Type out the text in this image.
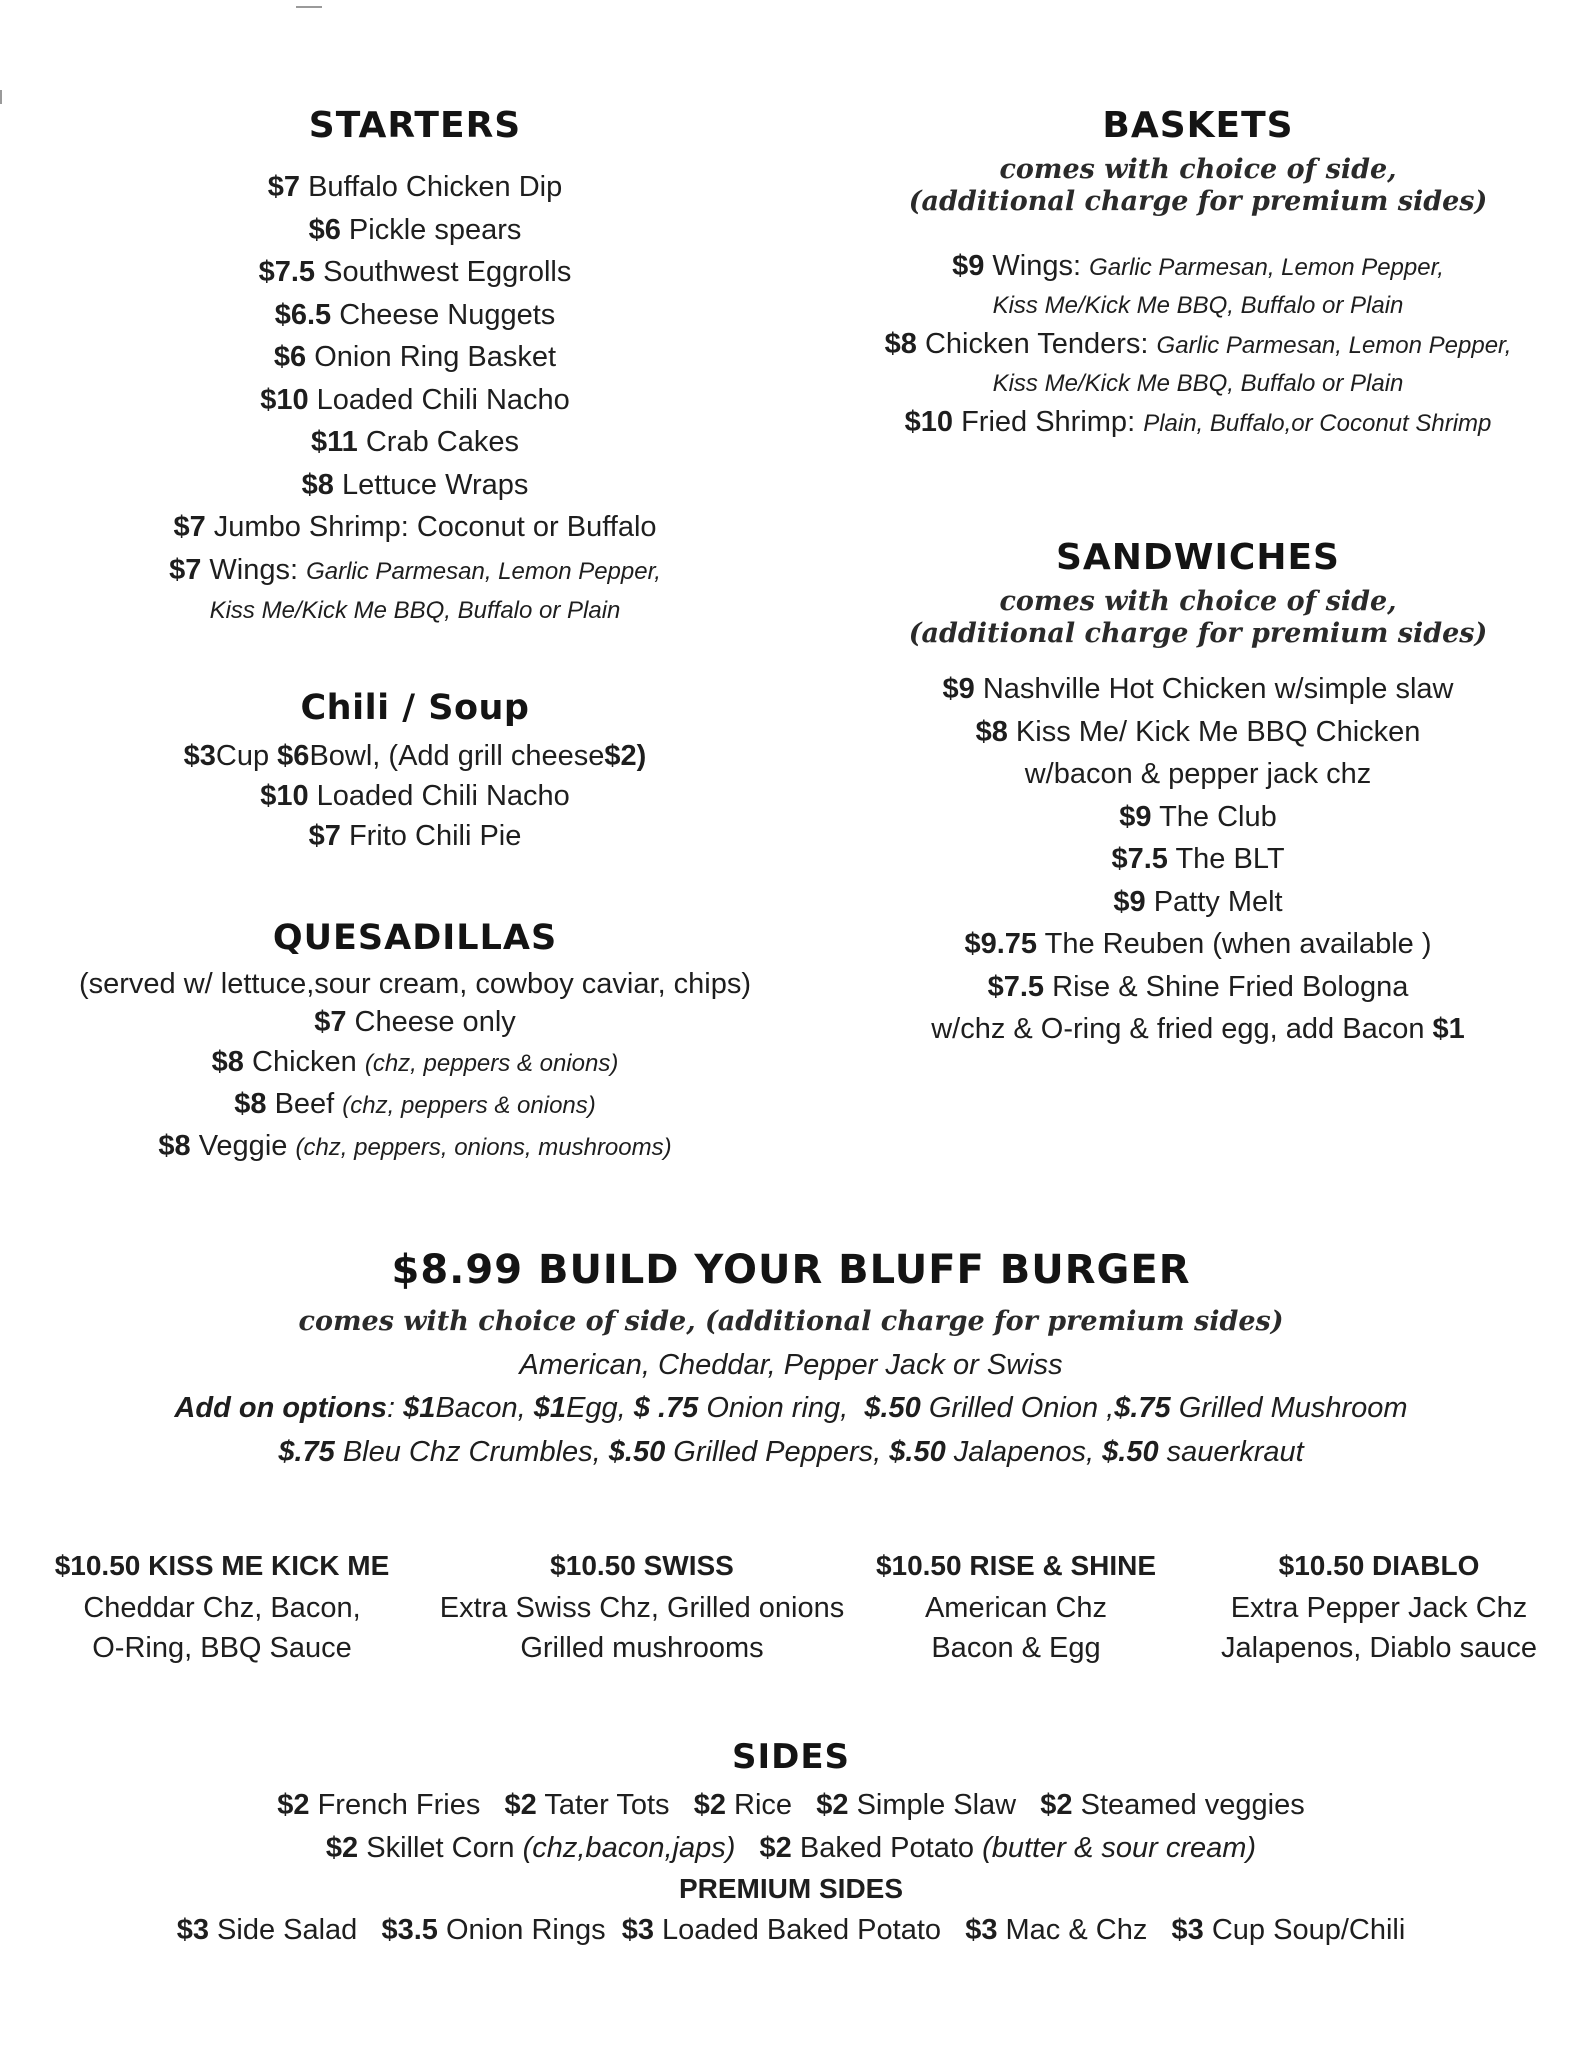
STARTERS
$7 Buffalo Chicken Dip
$6 Pickle spears
$7.5 Southwest Eggrolls
$6.5 Cheese Nuggets
$6 Onion Ring Basket
$10 Loaded Chili Nacho
$11 Crab Cakes
$8 Lettuce Wraps
$7 Jumbo Shrimp: Coconut or Buffalo
$7 Wings: Garlic Parmesan, Lemon Pepper,
Kiss Me/Kick Me BBQ, Buffalo or Plain
Chili / Soup
$3Cup $6Bowl, (Add grill cheese$2)
$10 Loaded Chili Nacho
$7 Frito Chili Pie
QUESADILLAS
(served w/ lettuce,sour cream, cowboy caviar, chips)
$7 Cheese only
$8 Chicken (chz, peppers & onions)
$8 Beef (chz, peppers & onions)
$8 Veggie (chz, peppers, onions, mushrooms)
BASKETS
comes with choice of side,
(additional charge for premium sides)
$9 Wings: Garlic Parmesan, Lemon Pepper,
Kiss Me/Kick Me BBQ, Buffalo or Plain
$8 Chicken Tenders: Garlic Parmesan, Lemon Pepper,
Kiss Me/Kick Me BBQ, Buffalo or Plain
$10 Fried Shrimp: Plain, Buffalo,or Coconut Shrimp
SANDWICHES
comes with choice of side,
(additional charge for premium sides)
$9 Nashville Hot Chicken w/simple slaw
$8 Kiss Me/ Kick Me BBQ Chicken
w/bacon & pepper jack chz
$9 The Club
$7.5 The BLT
$9 Patty Melt
$9.75 The Reuben (when available )
$7.5 Rise & Shine Fried Bologna
w/chz & O-ring & fried egg, add Bacon $1
$8.99 BUILD YOUR BLUFF BURGER
comes with choice of side, (additional charge for premium sides)
American, Cheddar, Pepper Jack or Swiss
Add on options: $1Bacon, $1Egg, $ .75 Onion ring, $.50 Grilled Onion ,$.75 Grilled Mushroom
$.75 Bleu Chz Crumbles, $.50 Grilled Peppers, $.50 Jalapenos, $.50 sauerkraut
$10.50 KISS ME KICK ME
Cheddar Chz, Bacon,
O-Ring, BBQ Sauce
$10.50 SWISS
Extra Swiss Chz, Grilled onions
Grilled mushrooms
$10.50 RISE & SHINE
American Chz
Bacon & Egg
$10.50 DIABLO
Extra Pepper Jack Chz
Jalapenos, Diablo sauce
SIDES
$2 French Fries $2 Tater Tots $2 Rice $2 Simple Slaw $2 Steamed veggies
$2 Skillet Corn (chz,bacon,japs) $2 Baked Potato (butter & sour cream)
PREMIUM SIDES
$3 Side Salad $3.5 Onion Rings $3 Loaded Baked Potato $3 Mac & Chz $3 Cup Soup/Chili
